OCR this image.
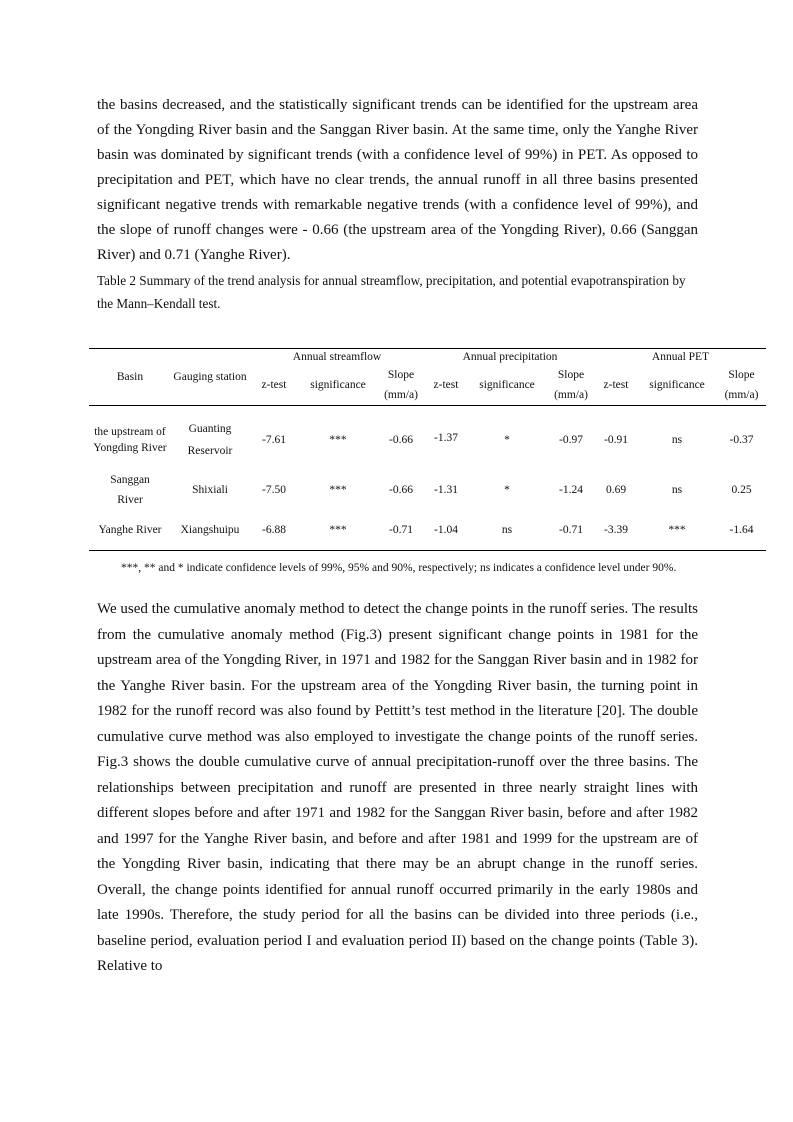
the basins decreased, and the statistically significant trends can be identified for the upstream area of the Yongding River basin and the Sanggan River basin. At the same time, only the Yanghe River basin was dominated by significant trends (with a confidence level of 99%) in PET. As opposed to precipitation and PET, which have no clear trends, the annual runoff in all three basins presented significant negative trends with remarkable negative trends (with a confidence level of 99%), and the slope of runoff changes were - 0.66 (the upstream area of the Yongding River), 0.66 (Sanggan River) and 0.71 (Yanghe River).

Table 2 Summary of the trend analysis for annual streamflow, precipitation, and potential evapotranspiration by the Mann–Kendall test.

Basin	Gauging station	Annual streamflow			Annual precipitation			Annual PET		
		z-test	significance	Slope (mm/a)	z-test	significance	Slope (mm/a)	z-test	significance	Slope (mm/a)
the upstream of Yongding River	Guanting Reservoir	-7.61	***	-0.66	-1.37	*	-0.97	-0.91	ns	-0.37
Sanggan River	Shixiali	-7.50	***	-0.66	-1.31	*	-1.24	0.69	ns	0.25
Yanghe River	Xiangshuipu	-6.88	***	-0.71	-1.04	ns	-0.71	-3.39	***	-1.64

***, ** and * indicate confidence levels of 99%, 95% and 90%, respectively; ns indicates a confidence level under 90%.

We used the cumulative anomaly method to detect the change points in the runoff series. The results from the cumulative anomaly method (Fig.3) present significant change points in 1981 for the upstream area of the Yongding River, in 1971 and 1982 for the Sanggan River basin and in 1982 for the Yanghe River basin. For the upstream area of the Yongding River basin, the turning point in 1982 for the runoff record was also found by Pettitt’s test method in the literature [20]. The double cumulative curve method was also employed to investigate the change points of the runoff series. Fig.3 shows the double cumulative curve of annual precipitation-runoff over the three basins. The relationships between precipitation and runoff are presented in three nearly straight lines with different slopes before and after 1971 and 1982 for the Sanggan River basin, before and after 1982 and 1997 for the Yanghe River basin, and before and after 1981 and 1999 for the upstream are of the Yongding River basin, indicating that there may be an abrupt change in the runoff series. Overall, the change points identified for annual runoff occurred primarily in the early 1980s and late 1990s. Therefore, the study period for all the basins can be divided into three periods (i.e., baseline period, evaluation period I and evaluation period II) based on the change points (Table 3). Relative to
